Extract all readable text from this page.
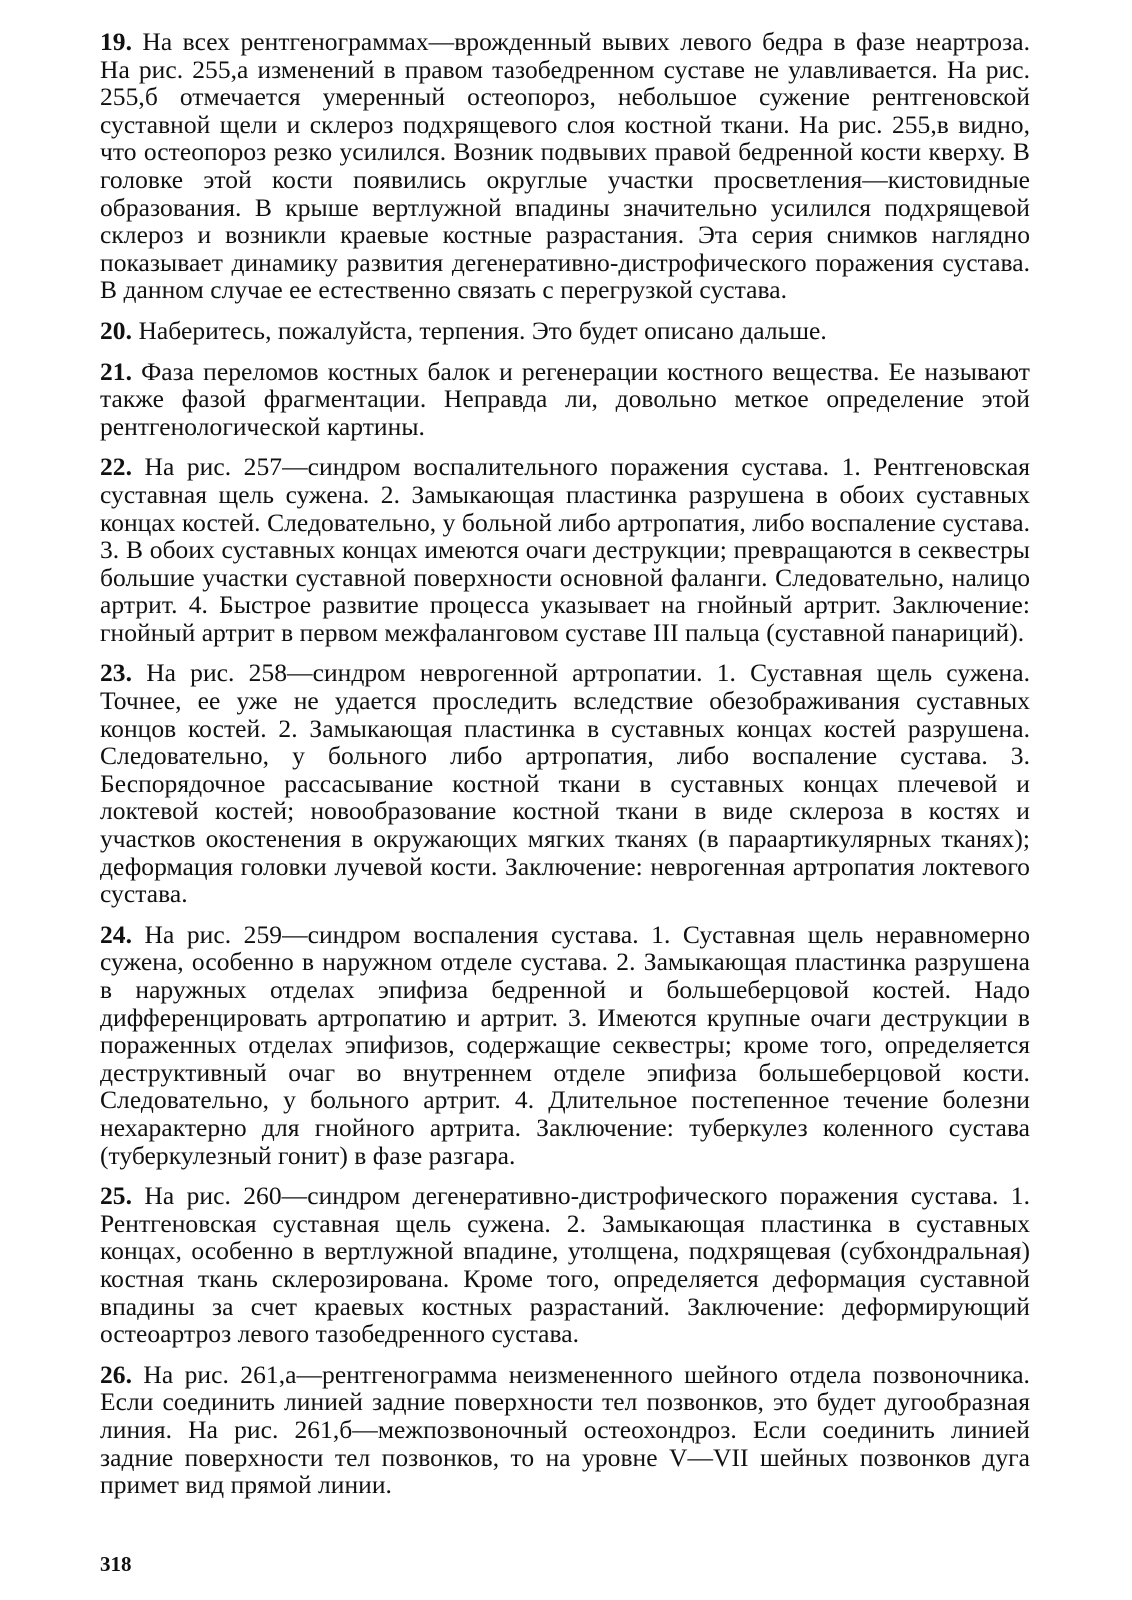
19. На всех рентгенограммах—врожденный вывих левого бедра в фазе неартроза. На рис. 255,а изменений в правом тазобедренном суставе не улавливается. На рис. 255,б отмечается умеренный остеопороз, небольшое сужение рентгеновской суставной щели и склероз подхрящевого слоя костной ткани. На рис. 255,в видно, что остеопороз резко усилился. Возник подвывих правой бедренной кости кверху. В головке этой кости появились округлые участки просветления—кистовидные образования. В крыше вертлужной впадины значительно усилился подхрящевой склероз и возникли краевые костные разрастания. Эта серия снимков наглядно показывает динамику развития дегенеративно-дистрофического поражения сустава. В данном случае ее естественно связать с перегрузкой сустава.

20. Наберитесь, пожалуйста, терпения. Это будет описано дальше.

21. Фаза переломов костных балок и регенерации костного вещества. Ее называют также фазой фрагментации. Неправда ли, довольно меткое определение этой рентгенологической картины.

22. На рис. 257—синдром воспалительного поражения сустава. 1. Рентгеновская суставная щель сужена. 2. Замыкающая пластинка разрушена в обоих суставных концах костей. Следовательно, у больной либо артропатия, либо воспаление сустава. 3. В обоих суставных концах имеются очаги деструкции; превращаются в секвестры большие участки суставной поверхности основной фаланги. Следовательно, налицо артрит. 4. Быстрое развитие процесса указывает на гнойный артрит. Заключение: гнойный артрит в первом межфаланговом суставе III пальца (суставной панариций).

23. На рис. 258—синдром неврогенной артропатии. 1. Суставная щель сужена. Точнее, ее уже не удается проследить вследствие обезображивания суставных концов костей. 2. Замыкающая пластинка в суставных концах костей разрушена. Следовательно, у больного либо артропатия, либо воспаление сустава. 3. Беспорядочное рассасывание костной ткани в суставных концах плечевой и локтевой костей; новообразование костной ткани в виде склероза в костях и участков окостенения в окружающих мягких тканях (в параартикулярных тканях); деформация головки лучевой кости. Заключение: неврогенная артропатия локтевого сустава.

24. На рис. 259—синдром воспаления сустава. 1. Суставная щель неравномерно сужена, особенно в наружном отделе сустава. 2. Замыкающая пластинка разрушена в наружных отделах эпифиза бедренной и большеберцовой костей. Надо дифференцировать артропатию и артрит. 3. Имеются крупные очаги деструкции в пораженных отделах эпифизов, содержащие секвестры; кроме того, определяется деструктивный очаг во внутреннем отделе эпифиза большеберцовой кости. Следовательно, у больного артрит. 4. Длительное постепенное течение болезни нехарактерно для гнойного артрита. Заключение: туберкулез коленного сустава (туберкулезный гонит) в фазе разгара.

25. На рис. 260—синдром дегенеративно-дистрофического поражения сустава. 1. Рентгеновская суставная щель сужена. 2. Замыкающая пластинка в суставных концах, особенно в вертлужной впадине, утолщена, подхрящевая (субхондральная) костная ткань склерозирована. Кроме того, определяется деформация суставной впадины за счет краевых костных разрастаний. Заключение: деформирующий остеоартроз левого тазобедренного сустава.

26. На рис. 261,а—рентгенограмма неизмененного шейного отдела позвоночника. Если соединить линией задние поверхности тел позвонков, это будет дугообразная линия. На рис. 261,б—межпозвоночный остеохондроз. Если соединить линией задние поверхности тел позвонков, то на уровне V—VII шейных позвонков дуга примет вид прямой линии.

318
